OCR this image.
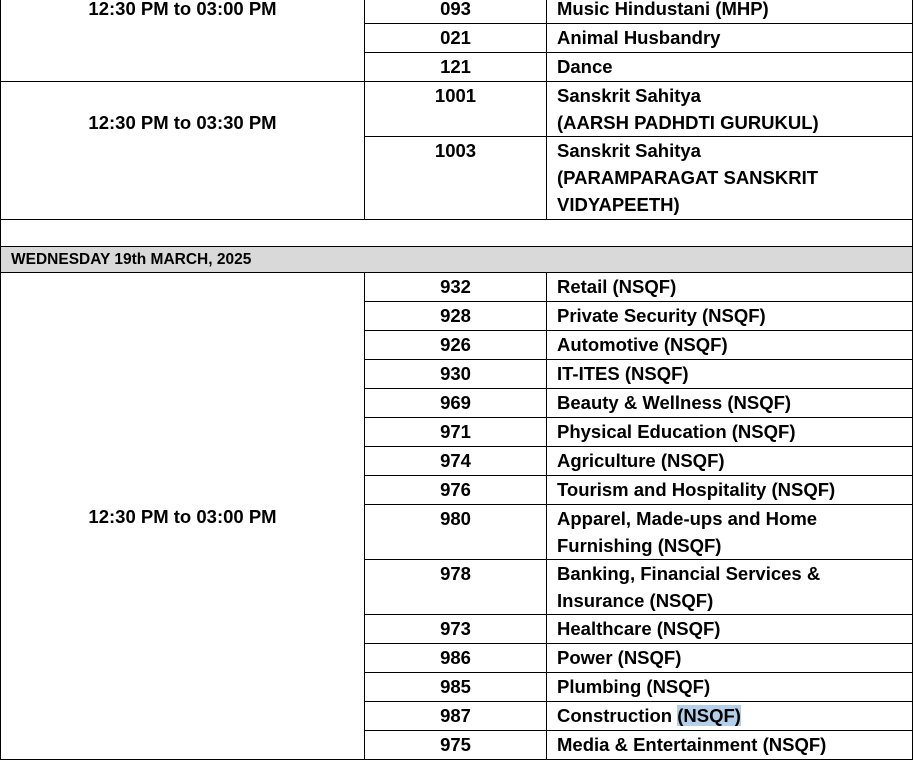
12:30 PM to 03:00 PM	093	Music Hindustani (MHP)
	021	Animal Husbandry
	121	Dance
12:30 PM to 03:30 PM	1001	Sanskrit Sahitya
(AARSH PADHDTI GURUKUL)

	1003	Sanskrit Sahitya
(PARAMPARAGAT SANSKRIT
VIDYAPEETH)

WEDNESDAY 19th MARCH, 2025		
12:30 PM to 03:00 PM	932	Retail (NSQF)
	928	Private Security (NSQF)
	926	Automotive (NSQF)
	930	IT-ITES (NSQF)
	969	Beauty & Wellness (NSQF)
	971	Physical Education (NSQF)
	974	Agriculture (NSQF)
	976	Tourism and Hospitality (NSQF)
	980	Apparel, Made-ups and Home
Furnishing (NSQF)

	978	Banking, Financial Services &
Insurance (NSQF)

	973	Healthcare (NSQF)
	986	Power (NSQF)
	985	Plumbing (NSQF)
	987	Construction (NSQF)
	975	Media & Entertainment (NSQF)
